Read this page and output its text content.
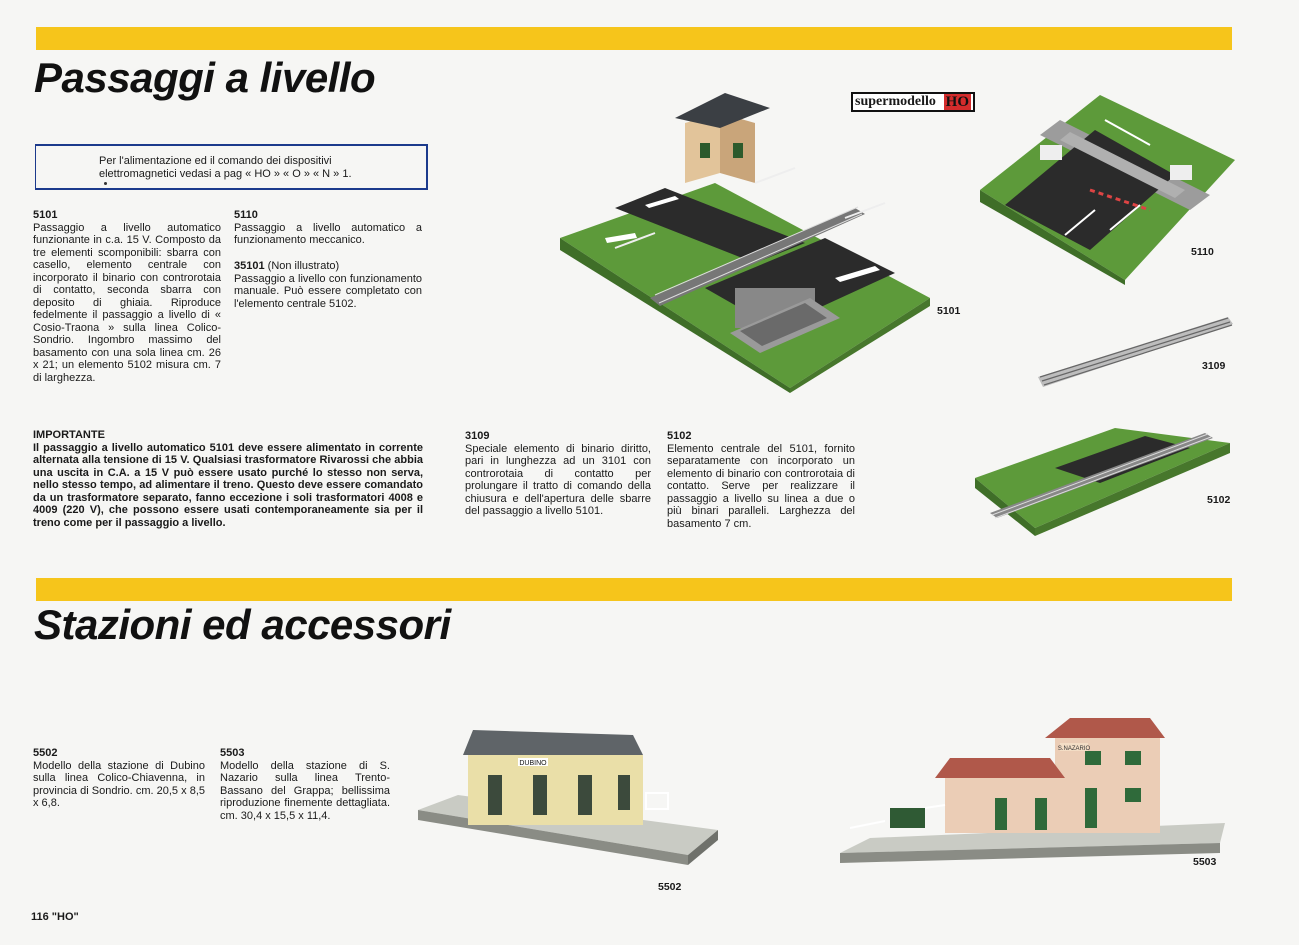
Passaggi a livello
Per l'alimentazione ed il comando dei dispositivi elettromagnetici vedasi a pag « HO » « O » « N » 1.
5101

Passaggio a livello automatico funzionante in c.a. 15 V. Composto da tre elementi scomponibili: sbarra con casello, elemento centrale con incorporato il binario con controrotaia di contatto, seconda sbarra con deposito di ghiaia. Riproduce fedelmente il passaggio a livello di « Cosio-Traona » sulla linea Colico-Sondrio. Ingombro massimo del basamento con una sola linea cm. 26 x 21; un elemento 5102 misura cm. 7 di larghezza.

5110

Passaggio a livello automatico a funzionamento meccanico.

35101 (Non illustrato)

Passaggio a livello con funzionamento manuale. Può essere completato con l'elemento centrale 5102.

IMPORTANTE

Il passaggio a livello automatico 5101 deve essere alimentato in corrente alternata alla tensione di 15 V. Qualsiasi trasformatore Rivarossi che abbia una uscita in C.A. a 15 V può essere usato purché lo stesso non serva, nello stesso tempo, ad alimentare il treno. Questo deve essere comandato da un trasformatore separato, fanno eccezione i soli trasformatori 4008 e 4009 (220 V), che possono essere usati contemporaneamente sia per il treno come per il passaggio a livello.

3109

Speciale elemento di binario diritto, pari in lunghezza ad un 3101 con controrotaia di contatto per prolungare il tratto di comando della chiusura e dell'apertura delle sbarre del passaggio a livello 5101.

5102

Elemento centrale del 5101, fornito separatamente con incorporato un elemento di binario con controrotaia di contatto. Serve per realizzare il passaggio a livello su linea a due o più binari paralleli. Larghezza del basamento 7 cm.

supermodello HO
5110
5101
3109
5102
Stazioni ed accessori
5502

Modello della stazione di Dubino sulla linea Colico-Chiavenna, in provincia di Sondrio. cm. 20,5 x 8,5 x 6,8.

5503

Modello della stazione di S. Nazario sulla linea Trento-Bassano del Grappa; bellissima riproduzione finemente dettagliata. cm. 30,4 x 15,5 x 11,4.

DUBINO
S.NAZARIO
5502
5503
116 "HO"
